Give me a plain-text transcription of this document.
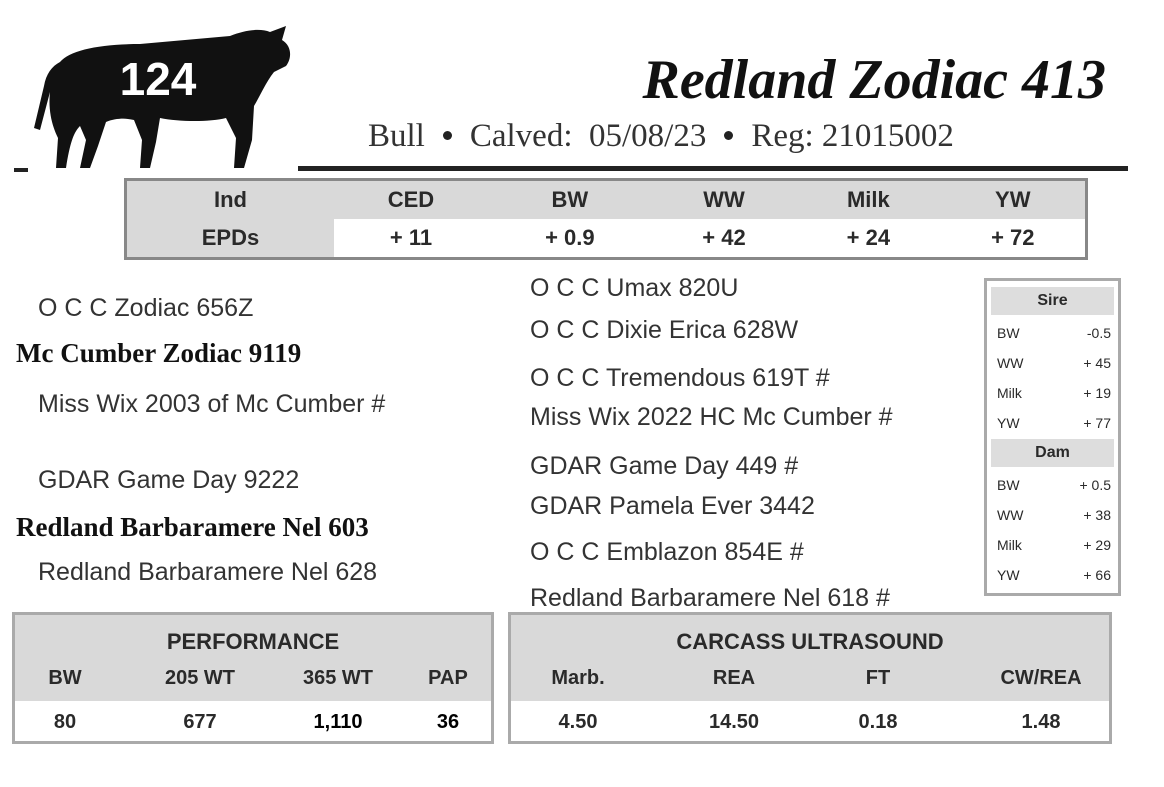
124	Redland Zodiac 413
Bull Calved: 05/08/23 Reg: 21015002
Ind	CED	BW	WW	Milk	YW
EPDs	+ 11	+ 0.9	+ 42	+ 24	+ 72
O C C Zodiac 656Z
Mc Cumber Zodiac 9119
Miss Wix 2003 of Mc Cumber #
GDAR Game Day 9222
Redland Barbaramere Nel 603
Redland Barbaramere Nel 628
O C C Umax 820U
O C C Dixie Erica 628W
O C C Tremendous 619T #
Miss Wix 2022 HC Mc Cumber #
GDAR Game Day 449 #
GDAR Pamela Ever 3442
O C C Emblazon 854E #
Redland Barbaramere Nel 618 #
Sire
BW	-0.5
WW	+ 45
Milk	+ 19
YW	+ 77
Dam
BW	+ 0.5
WW	+ 38
Milk	+ 29
YW	+ 66
PERFORMANCE
BW	205 WT	365 WT	PAP
80	677	1,110	36
CARCASS ULTRASOUND
Marb.	REA	FT	CW/REA
4.50	14.50	0.18	1.48
